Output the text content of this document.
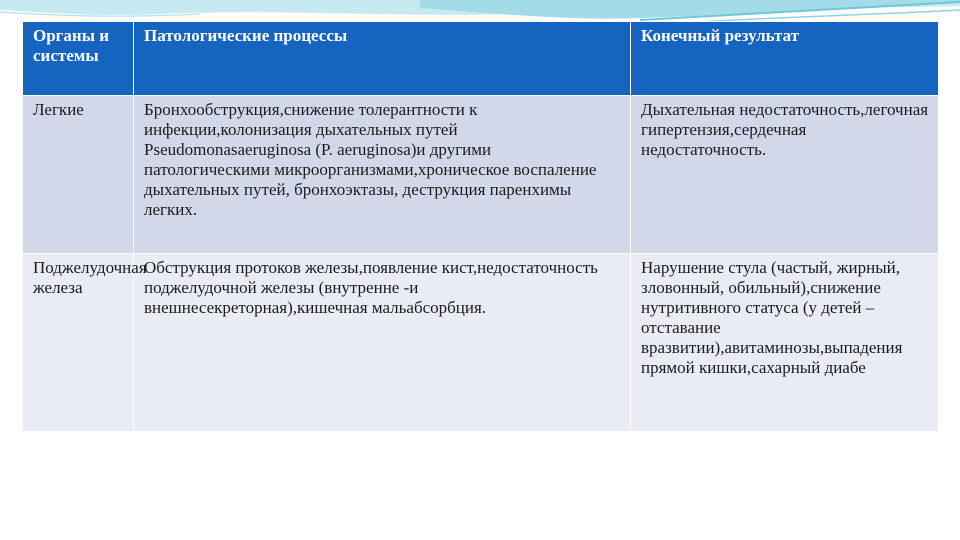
Органы и системы	Патологические процессы	Конечный результат
Легкие	Бронхообструкция,снижение толерантности к инфекции,колонизация дыхательных путей Pseudomonasaeruginosa (P. aeruginosa)и другими патологическими микроорганизмами,хроническое воспаление дыхательных путей, бронхоэктазы, деструкция паренхимы легких.	Дыхательная недостаточность,легочная гипертензия,сердечная недостаточность.
Поджелудочная железа	Обструкция протоков железы,появление кист,недостаточность поджелудочной железы (внутренне -и внешнесекреторная),кишечная мальабсорбция.	Нарушение стула (частый, жирный, зловонный, обильный),снижение нутритивного статуса (у детей –отставание вразвитии),авитаминозы,выпадения прямой кишки,сахарный диабе
